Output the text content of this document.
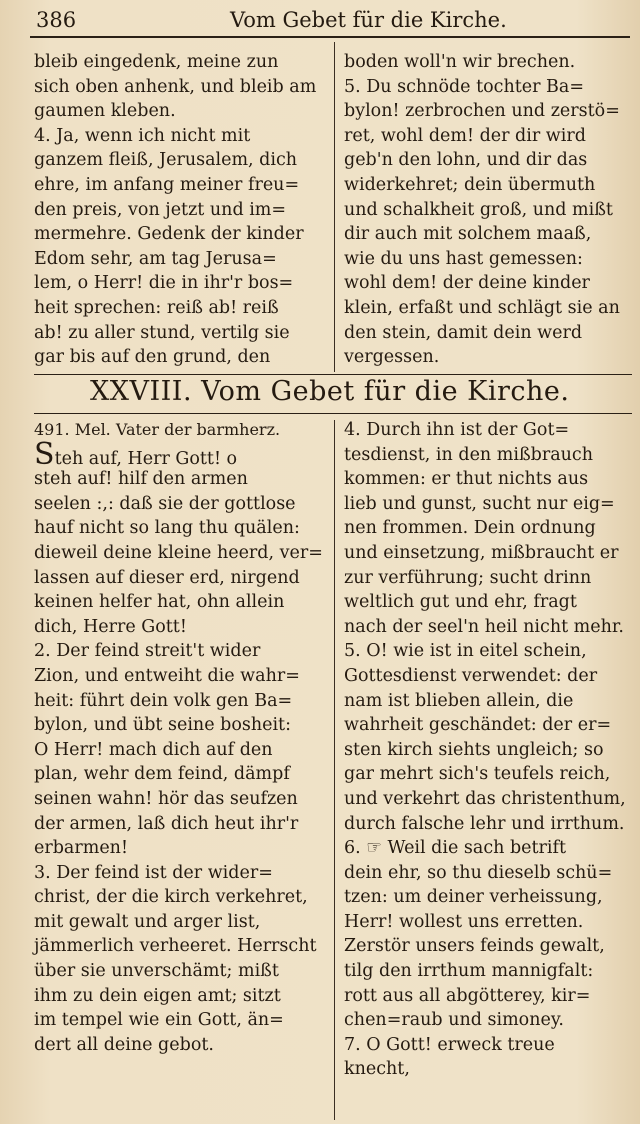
386	Vom Gebet für die Kirche.
bleib eingedenk, meine zun
sich oben anhenk, und bleib am
gaumen kleben.
4. Ja, wenn ich nicht mit
ganzem fleiß, Jerusalem, dich
ehre, im anfang meiner freu=
den preis, von jetzt und im=
mermehre. Gedenk der kinder
Edom sehr, am tag Jerusa=
lem, o Herr! die in ihr'r bos=
heit sprechen: reiß ab! reiß
ab! zu aller stund, vertilg sie
gar bis auf den grund, den
boden woll'n wir brechen.
5. Du schnöde tochter Ba=
bylon! zerbrochen und zerstö=
ret, wohl dem! der dir wird
geb'n den lohn, und dir das
widerkehret; dein übermuth
und schalkheit groß, und mißt
dir auch mit solchem maaß,
wie du uns hast gemessen:
wohl dem! der deine kinder
klein, erfaßt und schlägt sie an
den stein, damit dein werd
vergessen.
XXVIII. Vom Gebet für die Kirche.
491. Mel. Vater der barmherz.
Steh auf, Herr Gott! o
steh auf! hilf den armen
seelen :,: daß sie der gottlose
hauf nicht so lang thu quälen:
dieweil deine kleine heerd, ver=
lassen auf dieser erd, nirgend
keinen helfer hat, ohn allein
dich, Herre Gott!
2. Der feind streit't wider
Zion, und entweiht die wahr=
heit: führt dein volk gen Ba=
bylon, und übt seine bosheit:
O Herr! mach dich auf den
plan, wehr dem feind, dämpf
seinen wahn! hör das seufzen
der armen, laß dich heut ihr'r
erbarmen!
3. Der feind ist der wider=
christ, der die kirch verkehret,
mit gewalt und arger list,
jämmerlich verheeret. Herrscht
über sie unverschämt; mißt
ihm zu dein eigen amt; sitzt
im tempel wie ein Gott, än=
dert all deine gebot.
4. Durch ihn ist der Got=
tesdienst, in den mißbrauch
kommen: er thut nichts aus
lieb und gunst, sucht nur eig=
nen frommen. Dein ordnung
und einsetzung, mißbraucht er
zur verführung; sucht drinn
weltlich gut und ehr, fragt
nach der seel'n heil nicht mehr.
5. O! wie ist in eitel schein,
Gottesdienst verwendet: der
nam ist blieben allein, die
wahrheit geschändet: der er=
sten kirch siehts ungleich; so
gar mehrt sich's teufels reich,
und verkehrt das christenthum,
durch falsche lehr und irrthum.
6. ☞ Weil die sach betrift
dein ehr, so thu dieselb schü=
tzen: um deiner verheissung,
Herr! wollest uns erretten.
Zerstör unsers feinds gewalt,
tilg den irrthum mannigfalt:
rott aus all abgötterey, kir=
chen=raub und simoney.
7. O Gott! erweck treue
knecht,
